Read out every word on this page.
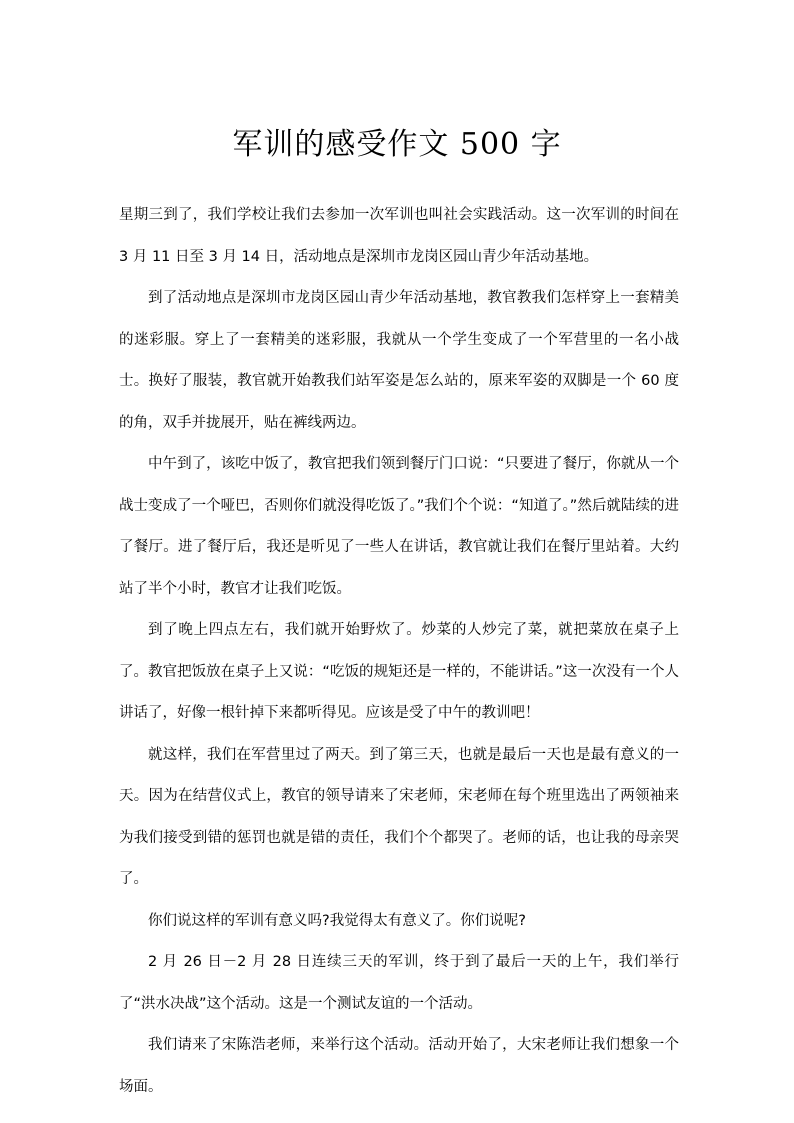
军训的感受作文 500 字

星期三到了，我们学校让我们去参加一次军训也叫社会实践活动。这一次军训的时间在 3 月 11 日至 3 月 14 日，活动地点是深圳市龙岗区园山青少年活动基地。

到了活动地点是深圳市龙岗区园山青少年活动基地，教官教我们怎样穿上一套精美的迷彩服。穿上了一套精美的迷彩服，我就从一个学生变成了一个军营里的一名小战士。换好了服装，教官就开始教我们站军姿是怎么站的，原来军姿的双脚是一个 60 度的角，双手并拢展开，贴在裤线两边。

中午到了，该吃中饭了，教官把我们领到餐厅门口说：“只要进了餐厅，你就从一个战士变成了一个哑巴，否则你们就没得吃饭了。”我们个个说：“知道了。”然后就陆续的进了餐厅。进了餐厅后，我还是听见了一些人在讲话，教官就让我们在餐厅里站着。大约站了半个小时，教官才让我们吃饭。

到了晚上四点左右，我们就开始野炊了。炒菜的人炒完了菜，就把菜放在桌子上了。教官把饭放在桌子上又说：“吃饭的规矩还是一样的，不能讲话。”这一次没有一个人讲话了，好像一根针掉下来都听得见。应该是受了中午的教训吧！

就这样，我们在军营里过了两天。到了第三天，也就是最后一天也是最有意义的一天。因为在结营仪式上，教官的领导请来了宋老师，宋老师在每个班里选出了两领袖来为我们接受到错的惩罚也就是错的责任，我们个个都哭了。老师的话，也让我的母亲哭了。

你们说这样的军训有意义吗?我觉得太有意义了。你们说呢?

2 月 26 日－2 月 28 日连续三天的军训，终于到了最后一天的上午，我们举行了“洪水决战”这个活动。这是一个测试友谊的一个活动。

我们请来了宋陈浩老师，来举行这个活动。活动开始了，大宋老师让我们想象一个场面。
